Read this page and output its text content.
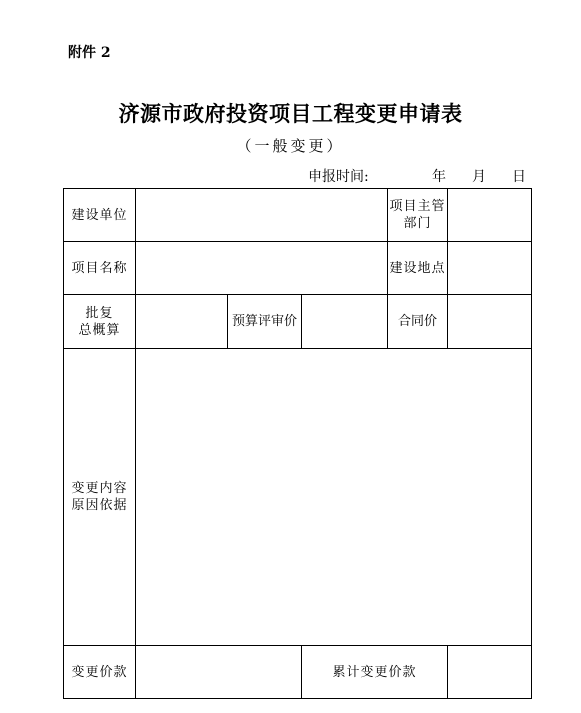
附件 2
济源市政府投资项目工程变更申请表
（一般变更）
申报时间:	年 月 日
建设单位				项目主管
部门	

项目名称				建设地点	

批复
总概算		预算评审价		合同价	

变更内容
原因依据					

变更价款			累计变更价款		
